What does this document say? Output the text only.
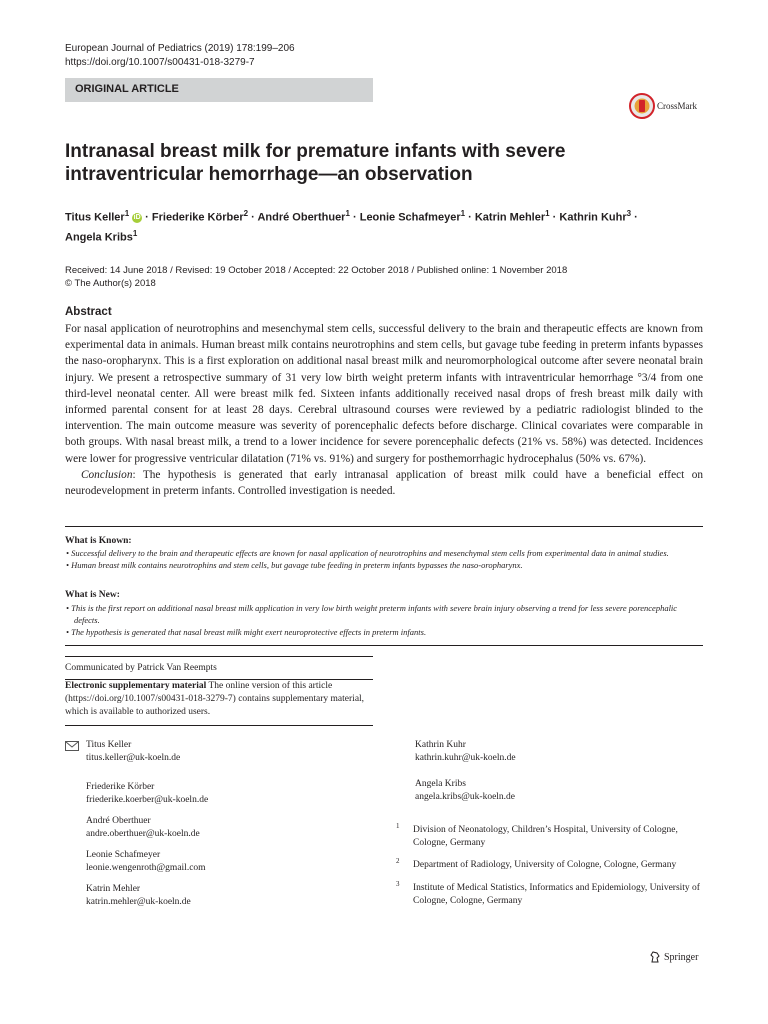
European Journal of Pediatrics (2019) 178:199–206
https://doi.org/10.1007/s00431-018-3279-7
ORIGINAL ARTICLE
CrossMark
Intranasal breast milk for premature infants with severe intraventricular hemorrhage—an observation
Titus Keller$^1$ iD · Friederike Körber$^2$ · André Oberthuer$^1$ · Leonie Schafmeyer$^1$ · Katrin Mehler$^1$ · Kathrin Kuhr$^3$ ·
Angela Kribs$^1$
Received: 14 June 2018 / Revised: 19 October 2018 / Accepted: 22 October 2018 / Published online: 1 November 2018
© The Author(s) 2018
Abstract

For nasal application of neurotrophins and mesenchymal stem cells, successful delivery to the brain and therapeutic effects are known from experimental data in animals. Human breast milk contains neurotrophins and stem cells, but gavage tube feeding in preterm infants bypasses the naso-oropharynx. This is a first exploration on additional nasal breast milk and neuromorphological outcome after severe neonatal brain injury. We present a retrospective summary of 31 very low birth weight preterm infants with intraventricular hemorrhage °3/4 from one third-level neonatal center. All were breast milk fed. Sixteen infants additionally received nasal drops of fresh breast milk daily with informed parental consent for at least 28 days. Cerebral ultrasound courses were reviewed by a pediatric radiologist blinded to the intervention. The main outcome measure was severity of porencephalic defects before discharge. Clinical covariates were comparable in both groups. With nasal breast milk, a trend to a lower incidence for severe porencephalic defects (21% vs. 58%) was detected. Incidences were lower for progressive ventricular dilatation (71% vs. 91%) and surgery for posthemorrhagic hydrocephalus (50% vs. 67%).

Conclusion: The hypothesis is generated that early intranasal application of breast milk could have a beneficial effect on neurodevelopment in preterm infants. Controlled investigation is needed.

What is Known:

• Successful delivery to the brain and therapeutic effects are known for nasal application of neurotrophins and mesenchymal stem cells from experimental data in animal studies.

• Human breast milk contains neurotrophins and stem cells, but gavage tube feeding in preterm infants bypasses the naso-oropharynx.

What is New:

• This is the first report on additional nasal breast milk application in very low birth weight preterm infants with severe brain injury observing a trend for less severe porencephalic defects.

• The hypothesis is generated that nasal breast milk might exert neuroprotective effects in preterm infants.

Communicated by Patrick Van Reempts
Electronic supplementary material The online version of this article (https://doi.org/10.1007/s00431-018-3279-7) contains supplementary material, which is available to authorized users.
Titus Keller
titus.keller@uk-koeln.de
Friederike Körber
friederike.koerber@uk-koeln.de
André Oberthuer
andre.oberthuer@uk-koeln.de
Leonie Schafmeyer
leonie.wengenroth@gmail.com
Katrin Mehler
katrin.mehler@uk-koeln.de
Kathrin Kuhr
kathrin.kuhr@uk-koeln.de
Angela Kribs
angela.kribs@uk-koeln.de
1 Division of Neonatology, Children’s Hospital, University of Cologne, Cologne, Germany
2 Department of Radiology, University of Cologne, Cologne, Germany
3 Institute of Medical Statistics, Informatics and Epidemiology, University of Cologne, Cologne, Germany
Springer
